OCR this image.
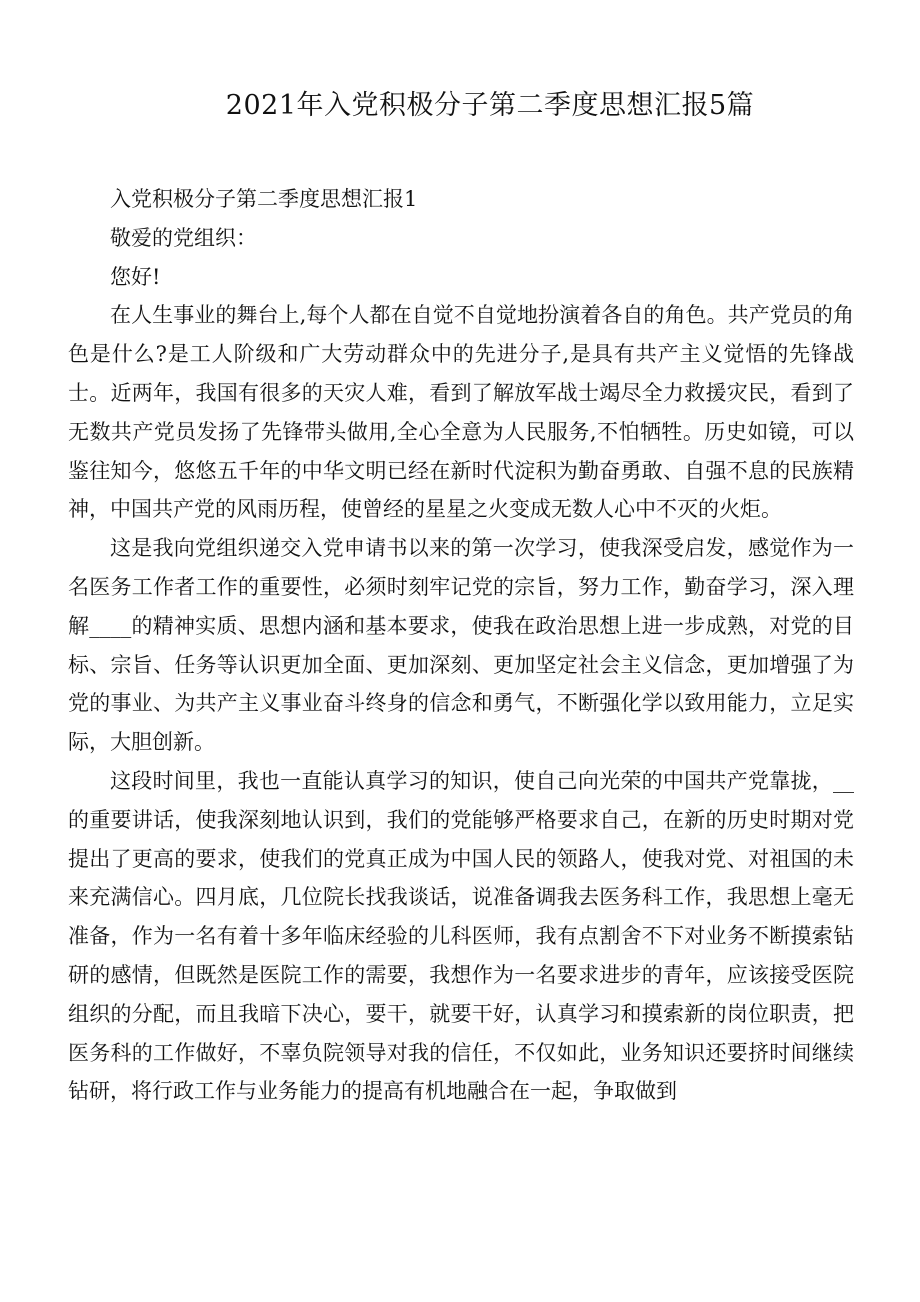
2021年入党积极分子第二季度思想汇报5篇

入党积极分子第二季度思想汇报1

敬爱的党组织：

您好!

在人生事业的舞台上,每个人都在自觉不自觉地扮演着各自的角色。共产党员的角色是什么?是工人阶级和广大劳动群众中的先进分子,是具有共产主义觉悟的先锋战士。近两年，我国有很多的天灾人难，看到了解放军战士竭尽全力救援灾民，看到了无数共产党员发扬了先锋带头做用,全心全意为人民服务,不怕牺牲。历史如镜，可以鉴往知今，悠悠五千年的中华文明已经在新时代淀积为勤奋勇敢、自强不息的民族精神，中国共产党的风雨历程，使曾经的星星之火变成无数人心中不灭的火炬。

这是我向党组织递交入党申请书以来的第一次学习，使我深受启发，感觉作为一名医务工作者工作的重要性，必须时刻牢记党的宗旨，努力工作，勤奋学习，深入理解____的精神实质、思想内涵和基本要求，使我在政治思想上进一步成熟，对党的目标、宗旨、任务等认识更加全面、更加深刻、更加坚定社会主义信念，更加增强了为党的事业、为共产主义事业奋斗终身的信念和勇气，不断强化学以致用能力，立足实际，大胆创新。

这段时间里，我也一直能认真学习的知识，使自己向光荣的中国共产党靠拢，__的重要讲话，使我深刻地认识到，我们的党能够严格要求自己，在新的历史时期对党提出了更高的要求，使我们的党真正成为中国人民的领路人，使我对党、对祖国的未来充满信心。四月底，几位院长找我谈话，说准备调我去医务科工作，我思想上毫无准备，作为一名有着十多年临床经验的儿科医师，我有点割舍不下对业务不断摸索钻研的感情，但既然是医院工作的需要，我想作为一名要求进步的青年，应该接受医院组织的分配，而且我暗下决心，要干，就要干好，认真学习和摸索新的岗位职责，把医务科的工作做好，不辜负院领导对我的信任，不仅如此，业务知识还要挤时间继续钻研，将行政工作与业务能力的提高有机地融合在一起，争取做到
